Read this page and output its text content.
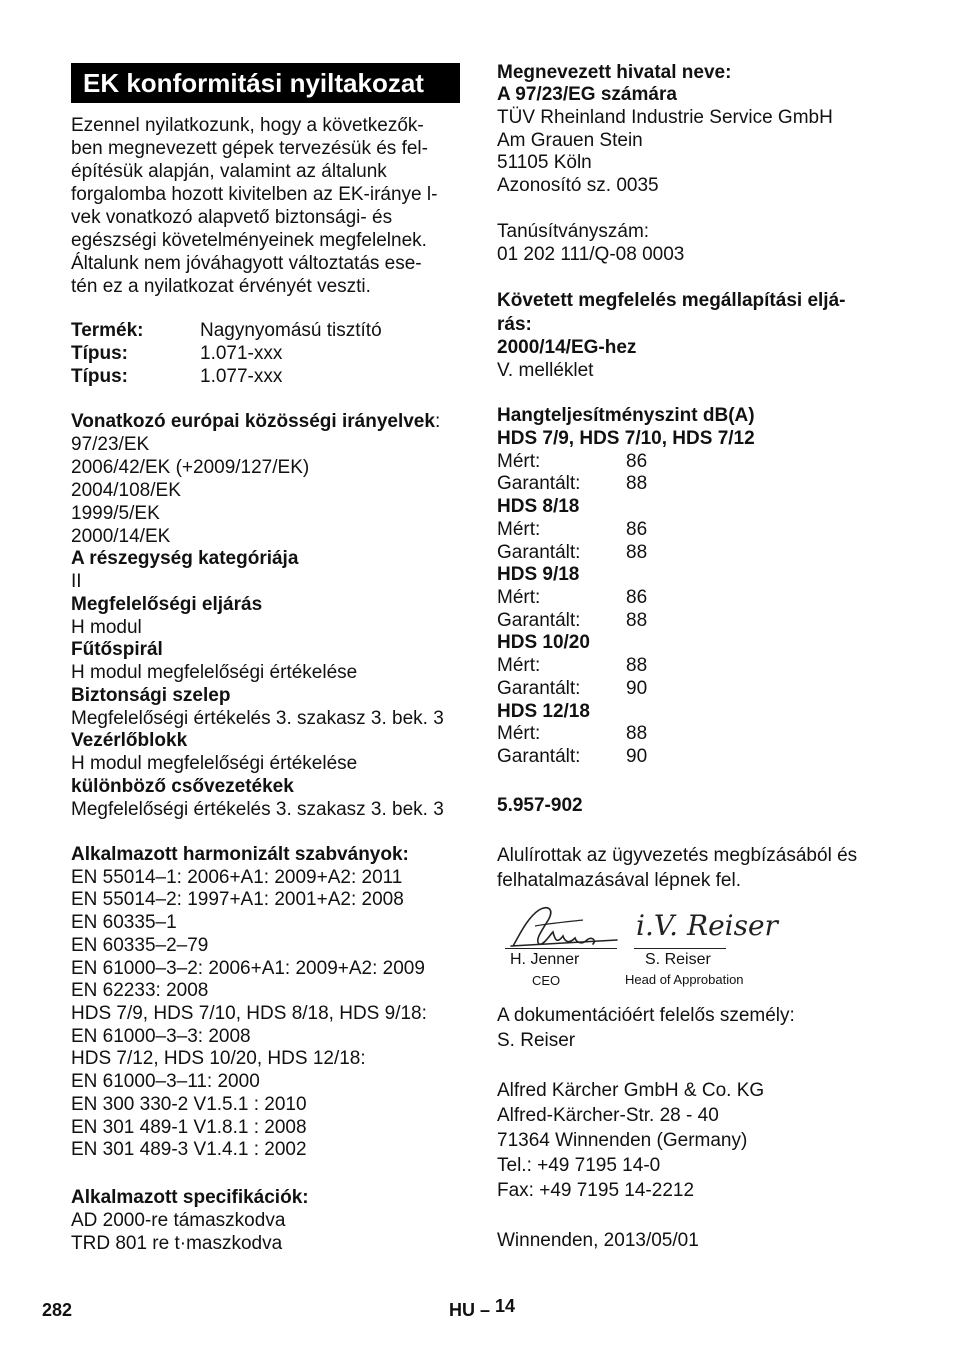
EK konformitási nyiltakozat
Ezennel nyilatkozunk, hogy a következők-
ben megnevezett gépek tervezésük és fel-
építésük alapján, valamint az általunk
forgalomba hozott kivitelben az EK-iránye l-
vek vonatkozó alapvető biztonsági- és
egészségi követelményeinek megfelelnek.
Általunk nem jóváhagyott változtatás ese-
tén ez a nyilatkozat érvényét veszti.
Termék:	Nagynyomású tisztító
Típus:	1.071-xxx
Típus:	1.077-xxx
Vonatkozó európai közösségi irányelvek:
97/23/EK
2006/42/EK (+2009/127/EK)
2004/108/EK
1999/5/EK
2000/14/EK
A részegység kategóriája
II
Megfelelőségi eljárás
H modul
Fűtőspirál
H modul megfelelőségi értékelése
Biztonsági szelep
Megfelelőségi értékelés 3. szakasz 3. bek. 3
Vezérlőblokk
H modul megfelelőségi értékelése
különböző csővezetékek
Megfelelőségi értékelés 3. szakasz 3. bek. 3
Alkalmazott harmonizált szabványok:
EN 55014–1: 2006+A1: 2009+A2: 2011
EN 55014–2: 1997+A1: 2001+A2: 2008
EN 60335–1
EN 60335–2–79
EN 61000–3–2: 2006+A1: 2009+A2: 2009
EN 62233: 2008
HDS 7/9, HDS 7/10, HDS 8/18, HDS 9/18:
EN 61000–3–3: 2008
HDS 7/12, HDS 10/20, HDS 12/18:
EN 61000–3–11: 2000
EN 300 330-2 V1.5.1 : 2010
EN 301 489-1 V1.8.1 : 2008
EN 301 489-3 V1.4.1 : 2002
Alkalmazott specifikációk:
AD 2000-re támaszkodva
TRD 801 re t·maszkodva
Megnevezett hivatal neve:
A 97/23/EG számára
TÜV Rheinland Industrie Service GmbH
Am Grauen Stein
51105 Köln
Azonosító sz. 0035
Tanúsítványszám:
01 202 111/Q-08 0003
Követett megfelelés megállapítási eljá-
rás:
2000/14/EG-hez
V. melléklet
Hangteljesítményszint dB(A)
HDS 7/9, HDS 7/10, HDS 7/12
Mért:	86
Garantált: 88
HDS 8/18
Mért:	86
Garantált: 88
HDS 9/18
Mért:	86
Garantált: 88
HDS 10/20
Mért:	88
Garantált: 90
HDS 12/18
Mért:	88
Garantált: 90
5.957-902
Alulírottak az ügyvezetés megbízásából és
felhatalmazásával lépnek fel.
i.V. Reiser
H. Jenner
CEO
S. Reiser
Head of Approbation
A dokumentációért felelős személy:
S. Reiser
Alfred Kärcher GmbH & Co. KG
Alfred-Kärcher-Str. 28 - 40
71364 Winnenden (Germany)
Tel.: +49 7195 14-0
Fax: +49 7195 14-2212
Winnenden, 2013/05/01
282	HU – 14
